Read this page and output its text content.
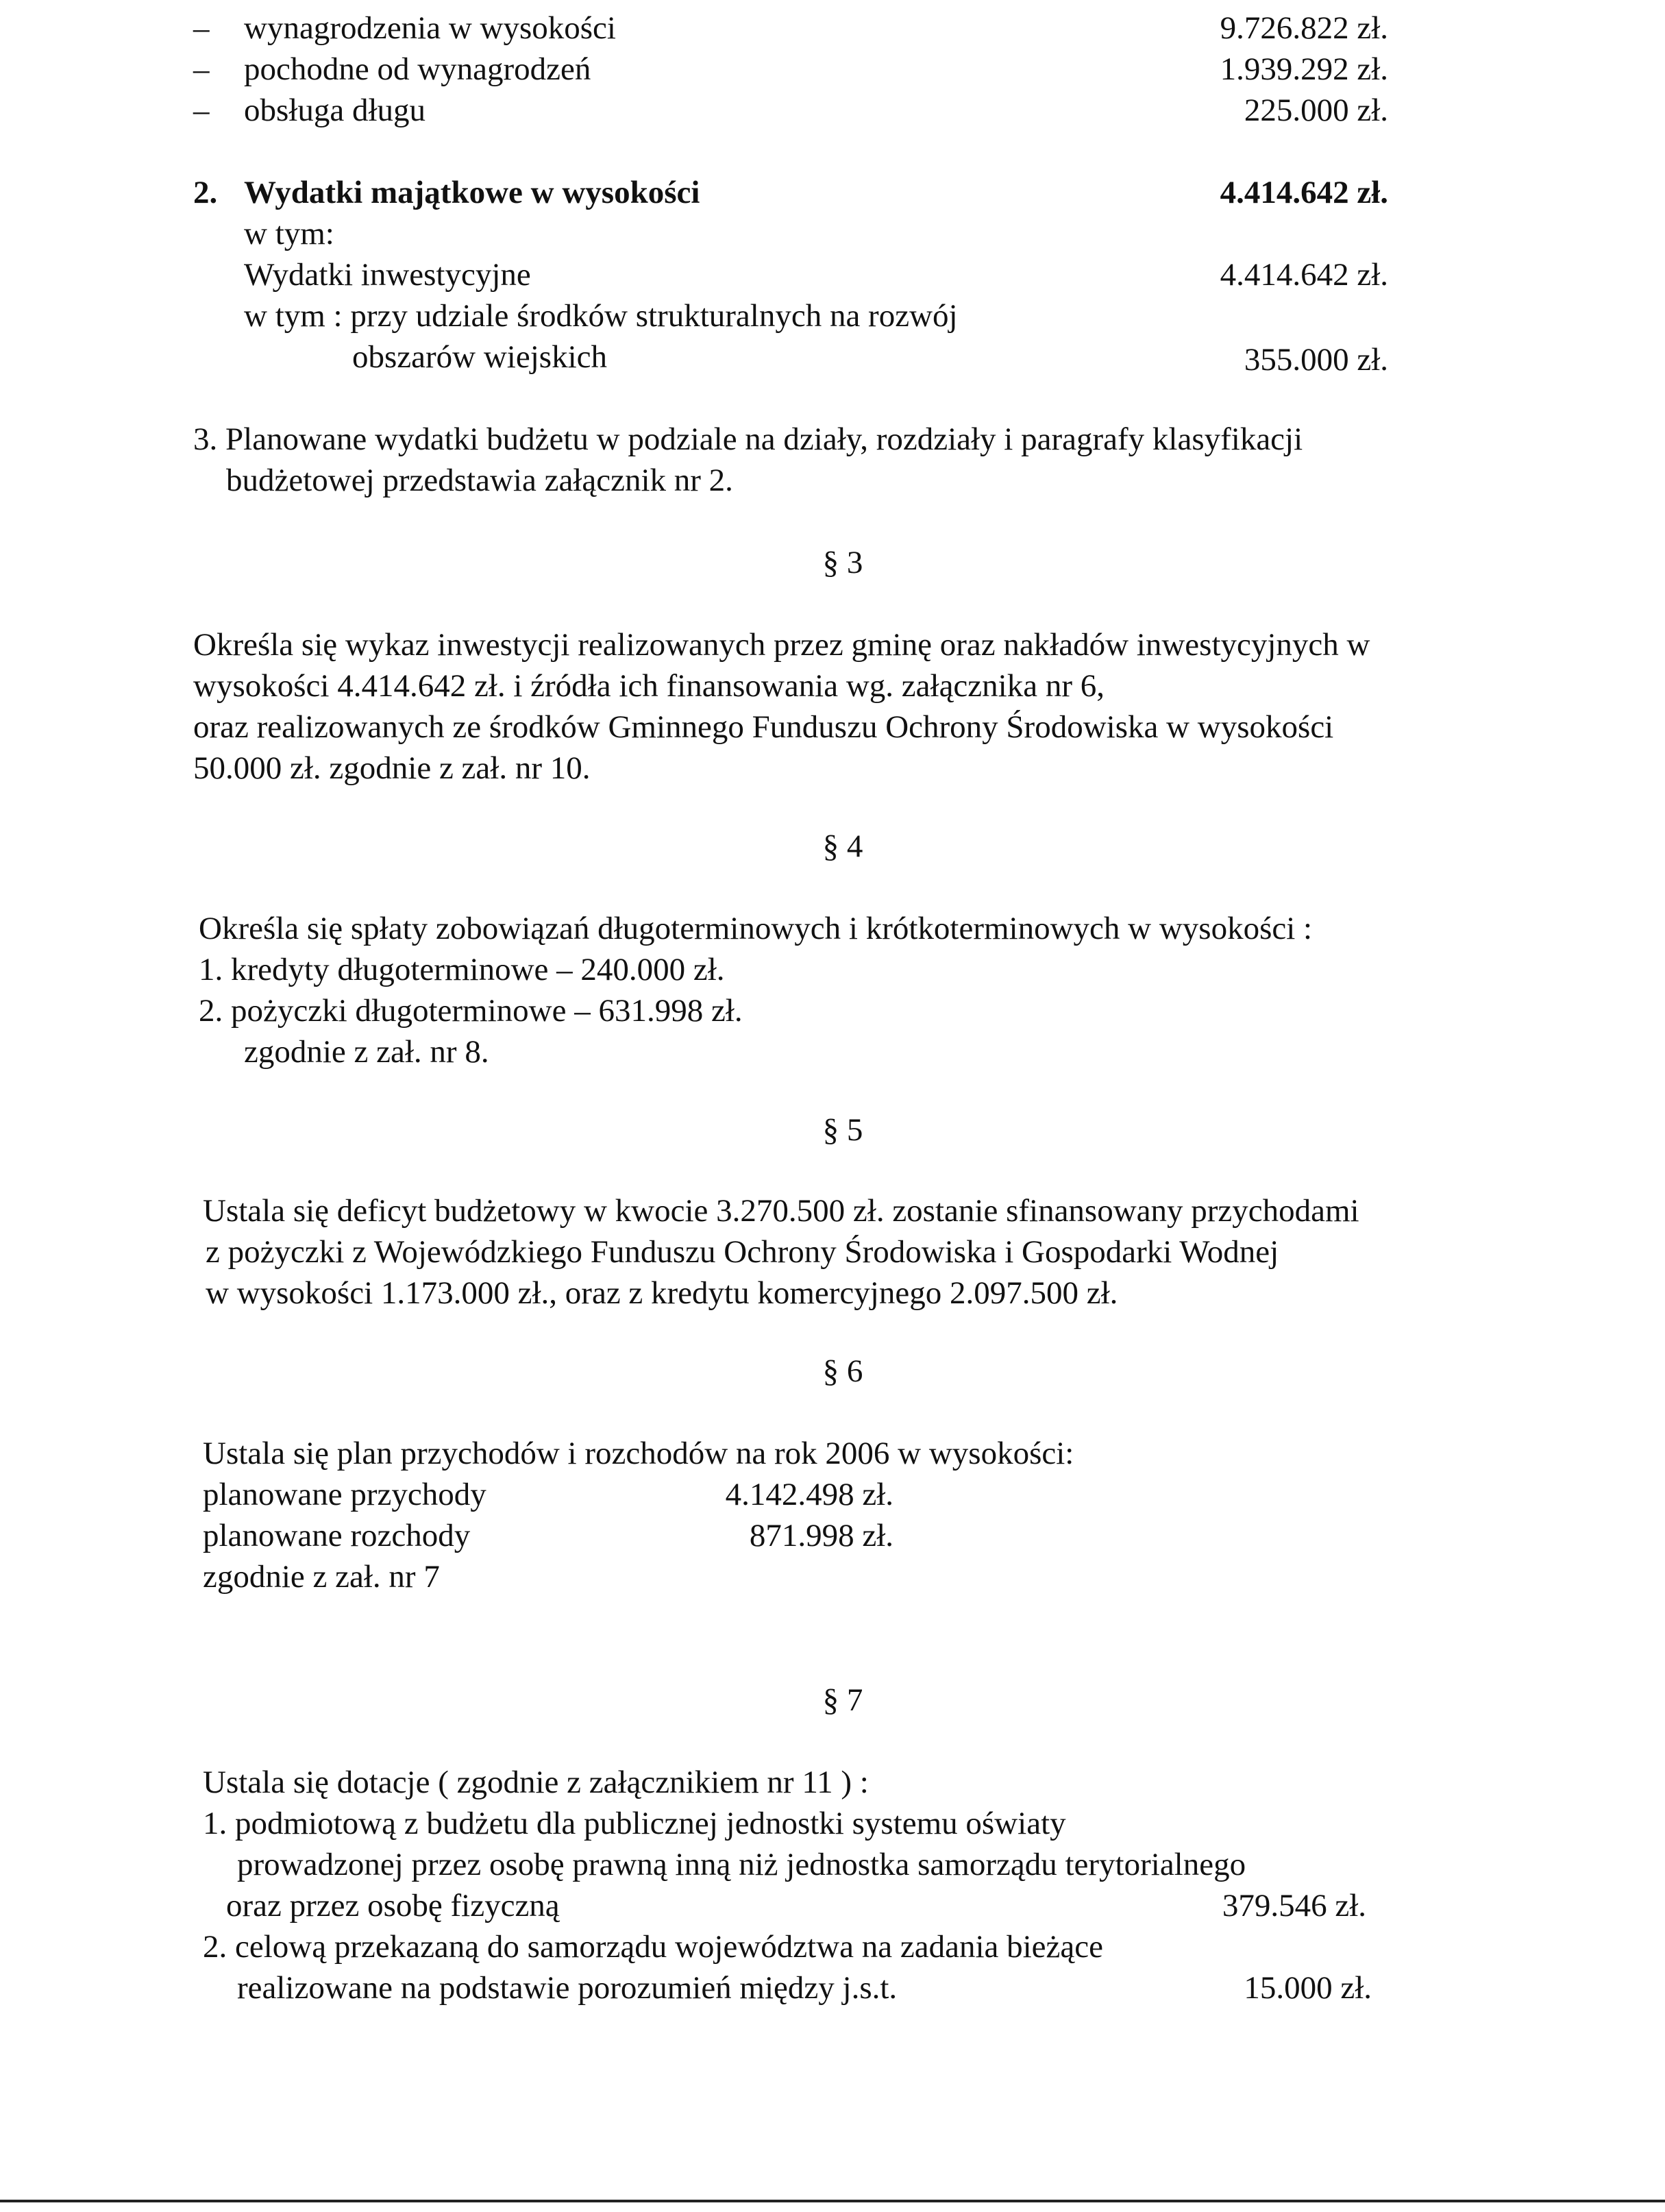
– wynagrodzenia w wysokości	9.726.822 zł.
– pochodne od wynagrodzeń	1.939.292 zł.
– obsługa długu	225.000 zł.
2. Wydatki majątkowe w wysokości	4.414.642 zł.
w tym:
Wydatki inwestycyjne	4.414.642 zł.
w tym : przy udziale środków strukturalnych na rozwój
obszarów wiejskich	355.000 zł.
3. Planowane wydatki budżetu w podziale na działy, rozdziały i paragrafy klasyfikacji
budżetowej przedstawia załącznik nr 2.
§ 3
Określa się wykaz inwestycji realizowanych przez gminę oraz nakładów inwestycyjnych w
wysokości 4.414.642 zł. i źródła ich finansowania wg. załącznika nr 6,
oraz realizowanych ze środków Gminnego Funduszu Ochrony Środowiska w wysokości
50.000 zł. zgodnie z zał. nr 10.
§ 4
Określa się spłaty zobowiązań długoterminowych i krótkoterminowych w wysokości :
1. kredyty długoterminowe – 240.000 zł.
2. pożyczki długoterminowe – 631.998 zł.
zgodnie z zał. nr 8.
§ 5
Ustala się deficyt budżetowy w kwocie 3.270.500 zł. zostanie sfinansowany przychodami
z pożyczki z Wojewódzkiego Funduszu Ochrony Środowiska i Gospodarki Wodnej
w wysokości 1.173.000 zł., oraz z kredytu komercyjnego 2.097.500 zł.
§ 6
Ustala się plan przychodów i rozchodów na rok 2006 w wysokości:
planowane przychody	4.142.498 zł.
planowane rozchody	871.998 zł.
zgodnie z zał. nr 7
§ 7
Ustala się dotacje ( zgodnie z załącznikiem nr 11 ) :
1. podmiotową z budżetu dla publicznej jednostki systemu oświaty
prowadzonej przez osobę prawną inną niż jednostka samorządu terytorialnego
oraz przez osobę fizyczną	379.546 zł.
2. celową przekazaną do samorządu województwa na zadania bieżące
realizowane na podstawie porozumień między j.s.t.	15.000 zł.
